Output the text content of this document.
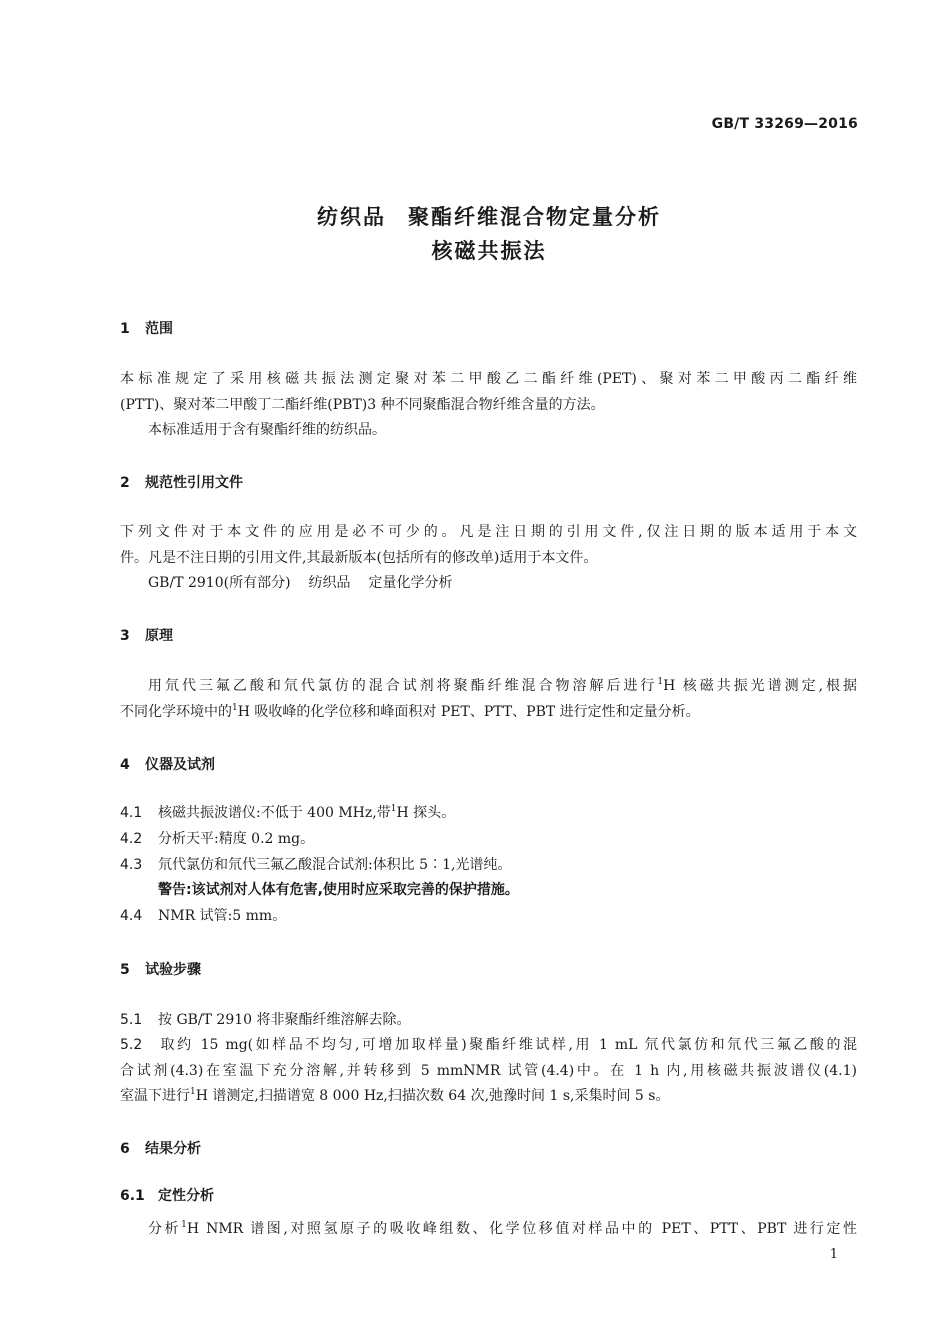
GB/T 33269—2016
纺织品 聚酯纤维混合物定量分析
核磁共振法
1 范围
本标准规定了采用核磁共振法测定聚对苯二甲酸乙二酯纤维(PET)、聚对苯二甲酸丙二酯纤维
(PTT)、聚对苯二甲酸丁二酯纤维(PBT)3 种不同聚酯混合物纤维含量的方法。
本标准适用于含有聚酯纤维的纺织品。
2 规范性引用文件
下列文件对于本文件的应用是必不可少的。凡是注日期的引用文件,仅注日期的版本适用于本文
件。凡是不注日期的引用文件,其最新版本(包括所有的修改单)适用于本文件。
GB/T 2910(所有部分) 纺织品 定量化学分析
3 原理
用氘代三氟乙酸和氘代氯仿的混合试剂将聚酯纤维混合物溶解后进行$^1$H 核磁共振光谱测定,根据
不同化学环境中的$^1$H 吸收峰的化学位移和峰面积对 PET、PTT、PBT 进行定性和定量分析。
4 仪器及试剂
4.1 核磁共振波谱仪:不低于 400 MHz,带$^1$H 探头。
4.2 分析天平:精度 0.2 mg。
4.3 氘代氯仿和氘代三氟乙酸混合试剂:体积比 5∶1,光谱纯。
警告:该试剂对人体有危害,使用时应采取完善的保护措施。
4.4 NMR 试管:5 mm。
5 试验步骤
5.1 按 GB/T 2910 将非聚酯纤维溶解去除。
5.2 取约 15 mg(如样品不均匀,可增加取样量)聚酯纤维试样,用 1 mL 氘代氯仿和氘代三氟乙酸的混
合试剂(4.3)在室温下充分溶解,并转移到 5 mmNMR 试管(4.4)中。在 1 h 内,用核磁共振波谱仪(4.1)
室温下进行$^1$H 谱测定,扫描谱宽 8 000 Hz,扫描次数 64 次,弛豫时间 1 s,采集时间 5 s。
6 结果分析
6.1 定性分析
分析$^1$H NMR 谱图,对照氢原子的吸收峰组数、化学位移值对样品中的 PET、PTT、PBT 进行定性
1
